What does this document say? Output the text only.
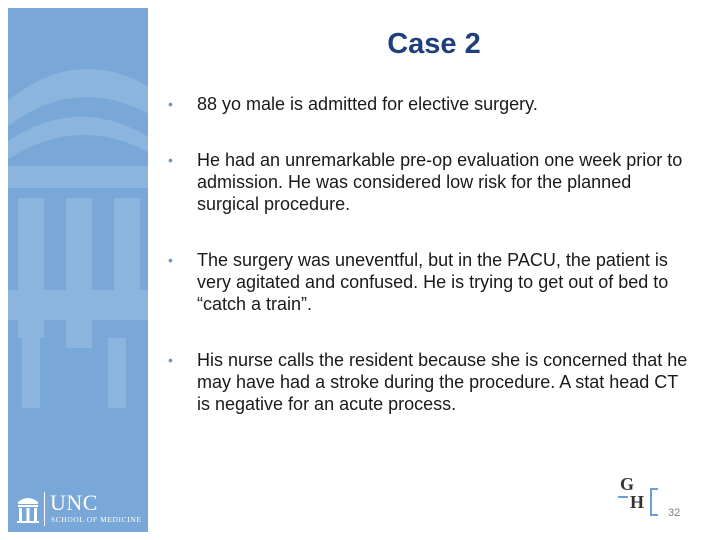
UNC
SCHOOL OF MEDICINE
Case 2
• 88 yo male is admitted for elective surgery.
• He had an unremarkable pre-op evaluation one week prior to admission. He was considered low risk for the planned surgical procedure.
• The surgery was uneventful, but in the PACU, the patient is very agitated and confused. He is trying to get out of bed to “catch a train”.
• His nurse calls the resident because she is concerned that he may have had a stroke during the procedure. A stat head CT is negative for an acute process.
G
H
32
